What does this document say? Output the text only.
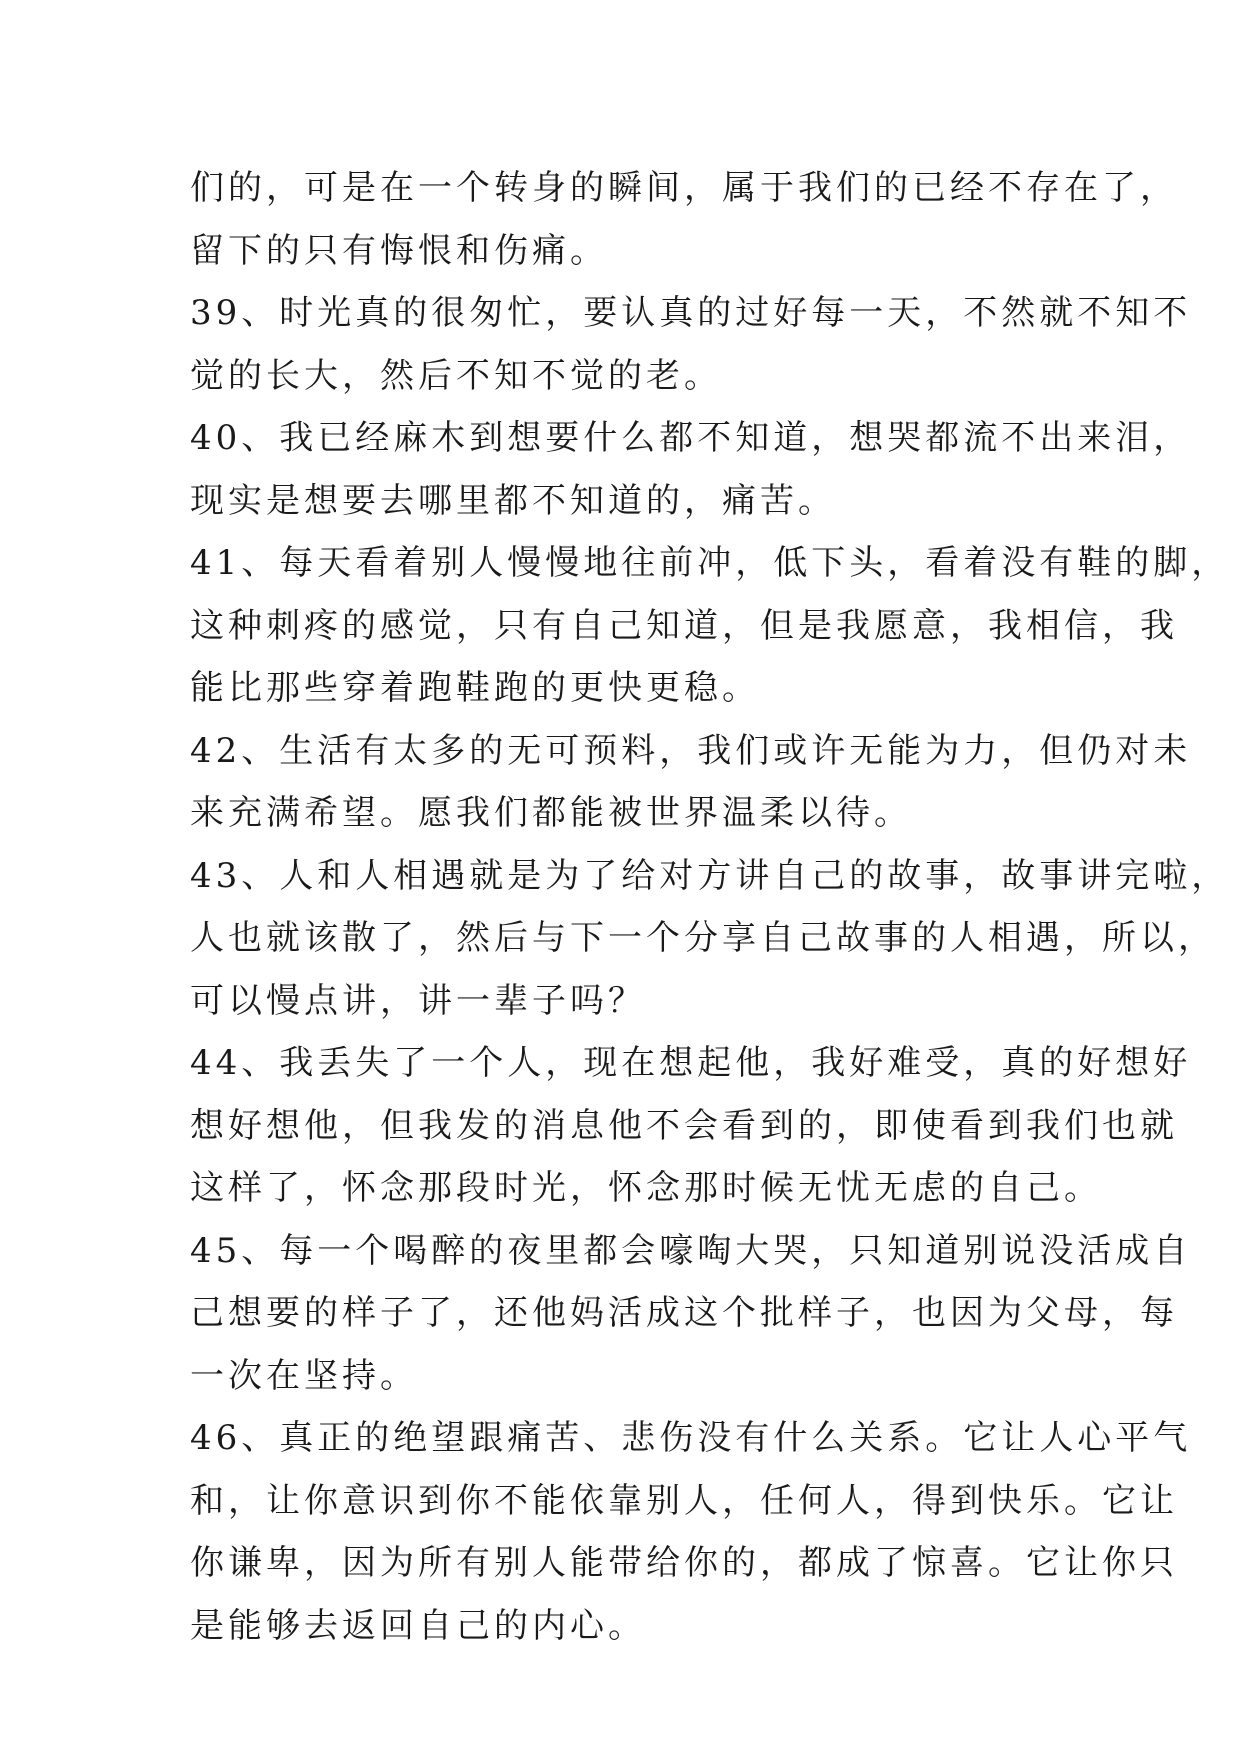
们的，可是在一个转身的瞬间，属于我们的已经不存在了，
留下的只有悔恨和伤痛。
39、时光真的很匆忙，要认真的过好每一天，不然就不知不
觉的长大，然后不知不觉的老。
40、我已经麻木到想要什么都不知道，想哭都流不出来泪，
现实是想要去哪里都不知道的，痛苦。
41、每天看着别人慢慢地往前冲，低下头，看着没有鞋的脚，
这种刺疼的感觉，只有自己知道，但是我愿意，我相信，我
能比那些穿着跑鞋跑的更快更稳。
42、生活有太多的无可预料，我们或许无能为力，但仍对未
来充满希望。愿我们都能被世界温柔以待。
43、人和人相遇就是为了给对方讲自己的故事，故事讲完啦，
人也就该散了，然后与下一个分享自己故事的人相遇，所以，
可以慢点讲，讲一辈子吗？
44、我丢失了一个人，现在想起他，我好难受，真的好想好
想好想他，但我发的消息他不会看到的，即使看到我们也就
这样了，怀念那段时光，怀念那时候无忧无虑的自己。
45、每一个喝醉的夜里都会嚎啕大哭，只知道别说没活成自
己想要的样子了，还他妈活成这个批样子，也因为父母，每
一次在坚持。
46、真正的绝望跟痛苦、悲伤没有什么关系。它让人心平气
和，让你意识到你不能依靠别人，任何人，得到快乐。它让
你谦卑，因为所有别人能带给你的，都成了惊喜。它让你只
是能够去返回自己的内心。
